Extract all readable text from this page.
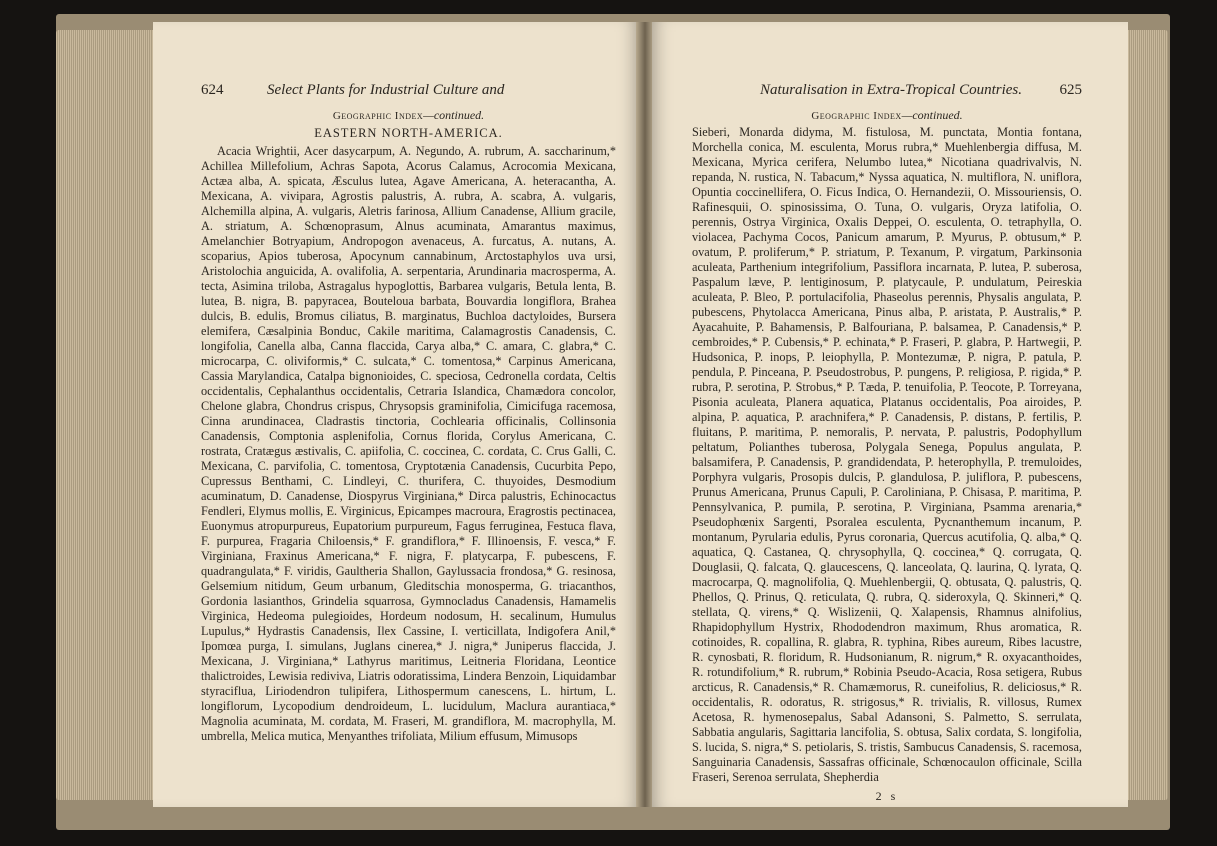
624	Select Plants for Industrial Culture and
Geographic Index—continued.
EASTERN NORTH-AMERICA.
Acacia Wrightii, Acer dasycarpum, A. Negundo, A. rubrum, A. saccharinum,* Achillea Millefolium, Achras Sapota, Acorus Calamus, Acrocomia Mexicana, Actæa alba, A. spicata, Æsculus lutea, Agave Americana, A. heteracantha, A. Mexicana, A. vivipara, Agrostis palustris, A. rubra, A. scabra, A. vulgaris, Alchemilla alpina, A. vulgaris, Aletris farinosa, Allium Canadense, Allium gracile, A. striatum, A. Schœnoprasum, Alnus acuminata, Amarantus maximus, Amelanchier Botryapium, Andropogon avenaceus, A. furcatus, A. nutans, A. scoparius, Apios tuberosa, Apocynum cannabinum, Arctostaphylos uva ursi, Aristolochia anguicida, A. ovalifolia, A. serpentaria, Arundinaria macrosperma, A. tecta, Asimina triloba, Astragalus hypoglottis, Barbarea vulgaris, Betula lenta, B. lutea, B. nigra, B. papyracea, Bouteloua barbata, Bouvardia longiflora, Brahea dulcis, B. edulis, Bromus ciliatus, B. marginatus, Buchloa dactyloides, Bursera elemifera, Cæsalpinia Bonduc, Cakile maritima, Calamagrostis Canadensis, C. longifolia, Canella alba, Canna flaccida, Carya alba,* C. amara, C. glabra,* C. microcarpa, C. oliviformis,* C. sulcata,* C. tomentosa,* Carpinus Americana, Cassia Marylandica, Catalpa bignonioides, C. speciosa, Cedronella cordata, Celtis occidentalis, Cephalanthus occidentalis, Cetraria Islandica, Chamædora concolor, Chelone glabra, Chondrus crispus, Chrysopsis graminifolia, Cimicifuga racemosa, Cinna arundinacea, Cladrastis tinctoria, Cochlearia officinalis, Collinsonia Canadensis, Comptonia asplenifolia, Cornus florida, Corylus Americana, C. rostrata, Cratægus æstivalis, C. apiifolia, C. coccinea, C. cordata, C. Crus Galli, C. Mexicana, C. parvifolia, C. tomentosa, Cryptotænia Canadensis, Cucurbita Pepo, Cupressus Benthami, C. Lindleyi, C. thurifera, C. thuyoides, Desmodium acuminatum, D. Canadense, Diospyrus Virginiana,* Dirca palustris, Echinocactus Fendleri, Elymus mollis, E. Virginicus, Epicampes macroura, Eragrostis pectinacea, Euonymus atropurpureus, Eupatorium purpureum, Fagus ferruginea, Festuca flava, F. purpurea, Fragaria Chiloensis,* F. grandiflora,* F. Illinoensis, F. vesca,* F. Virginiana, Fraxinus Americana,* F. nigra, F. platycarpa, F. pubescens, F. quadrangulata,* F. viridis, Gaultheria Shallon, Gaylussacia frondosa,* G. resinosa, Gelsemium nitidum, Geum urbanum, Gleditschia monosperma, G. triacanthos, Gordonia lasianthos, Grindelia squarrosa, Gymnocladus Canadensis, Hamamelis Virginica, Hedeoma pulegioides, Hordeum nodosum, H. secalinum, Humulus Lupulus,* Hydrastis Canadensis, Ilex Cassine, I. verticillata, Indigofera Anil,* Ipomœa purga, I. simulans, Juglans cinerea,* J. nigra,* Juniperus flaccida, J. Mexicana, J. Virginiana,* Lathyrus maritimus, Leitneria Floridana, Leontice thalictroides, Lewisia rediviva, Liatris odoratissima, Lindera Benzoin, Liquidambar styraciflua, Liriodendron tulipifera, Lithospermum canescens, L. hirtum, L. longiflorum, Lycopodium dendroideum, L. lucidulum, Maclura aurantiaca,* Magnolia acuminata, M. cordata, M. Fraseri, M. grandiflora, M. macrophylla, M. umbrella, Melica mutica, Menyanthes trifoliata, Milium effusum, Mimusops
Naturalisation in Extra-Tropical Countries.	625
Geographic Index—continued.
Sieberi, Monarda didyma, M. fistulosa, M. punctata, Montia fontana, Morchella conica, M. esculenta, Morus rubra,* Muehlenbergia diffusa, M. Mexicana, Myrica cerifera, Nelumbo lutea,* Nicotiana quadrivalvis, N. repanda, N. rustica, N. Tabacum,* Nyssa aquatica, N. multiflora, N. uniflora, Opuntia coccinellifera, O. Ficus Indica, O. Hernandezii, O. Missouriensis, O. Rafinesquii, O. spinosissima, O. Tuna, O. vulgaris, Oryza latifolia, O. perennis, Ostrya Virginica, Oxalis Deppei, O. esculenta, O. tetraphylla, O. violacea, Pachyma Cocos, Panicum amarum, P. Myurus, P. obtusum,* P. ovatum, P. proliferum,* P. striatum, P. Texanum, P. virgatum, Parkinsonia aculeata, Parthenium integrifolium, Passiflora incarnata, P. lutea, P. suberosa, Paspalum læve, P. lentiginosum, P. platycaule, P. undulatum, Peireskia aculeata, P. Bleo, P. portulacifolia, Phaseolus perennis, Physalis angulata, P. pubescens, Phytolacca Americana, Pinus alba, P. aristata, P. Australis,* P. Ayacahuite, P. Bahamensis, P. Balfouriana, P. balsamea, P. Canadensis,* P. cembroides,* P. Cubensis,* P. echinata,* P. Fraseri, P. glabra, P. Hartwegii, P. Hudsonica, P. inops, P. leiophylla, P. Montezumæ, P. nigra, P. patula, P. pendula, P. Pinceana, P. Pseudostrobus, P. pungens, P. religiosa, P. rigida,* P. rubra, P. serotina, P. Strobus,* P. Tæda, P. tenuifolia, P. Teocote, P. Torreyana, Pisonia aculeata, Planera aquatica, Platanus occidentalis, Poa airoides, P. alpina, P. aquatica, P. arachnifera,* P. Canadensis, P. distans, P. fertilis, P. fluitans, P. maritima, P. nemoralis, P. nervata, P. palustris, Podophyllum peltatum, Polianthes tuberosa, Polygala Senega, Populus angulata, P. balsamifera, P. Canadensis, P. grandidendata, P. heterophylla, P. tremuloides, Porphyra vulgaris, Prosopis dulcis, P. glandulosa, P. juliflora, P. pubescens, Prunus Americana, Prunus Capuli, P. Caroliniana, P. Chisasa, P. maritima, P. Pennsylvanica, P. pumila, P. serotina, P. Virginiana, Psamma arenaria,* Pseudophœnix Sargenti, Psoralea esculenta, Pycnanthemum incanum, P. montanum, Pyrularia edulis, Pyrus coronaria, Quercus acutifolia, Q. alba,* Q. aquatica, Q. Castanea, Q. chrysophylla, Q. coccinea,* Q. corrugata, Q. Douglasii, Q. falcata, Q. glaucescens, Q. lanceolata, Q. laurina, Q. lyrata, Q. macrocarpa, Q. magnolifolia, Q. Muehlenbergii, Q. obtusata, Q. palustris, Q. Phellos, Q. Prinus, Q. reticulata, Q. rubra, Q. sideroxyla, Q. Skinneri,* Q. stellata, Q. virens,* Q. Wislizenii, Q. Xalapensis, Rhamnus alnifolius, Rhapidophyllum Hystrix, Rhododendron maximum, Rhus aromatica, R. cotinoides, R. copallina, R. glabra, R. typhina, Ribes aureum, Ribes lacustre, R. cynosbati, R. floridum, R. Hudsonianum, R. nigrum,* R. oxyacanthoides, R. rotundifolium,* R. rubrum,* Robinia Pseudo-Acacia, Rosa setigera, Rubus arcticus, R. Canadensis,* R. Chamæmorus, R. cuneifolius, R. deliciosus,* R. occidentalis, R. odoratus, R. strigosus,* R. trivialis, R. villosus, Rumex Acetosa, R. hymenosepalus, Sabal Adansoni, S. Palmetto, S. serrulata, Sabbatia angularis, Sagittaria lancifolia, S. obtusa, Salix cordata, S. longifolia, S. lucida, S. nigra,* S. petiolaris, S. tristis, Sambucus Canadensis, S. racemosa, Sanguinaria Canadensis, Sassafras officinale, Schœnocaulon officinale, Scilla Fraseri, Serenoa serrulata, Shepherdia
2 s
